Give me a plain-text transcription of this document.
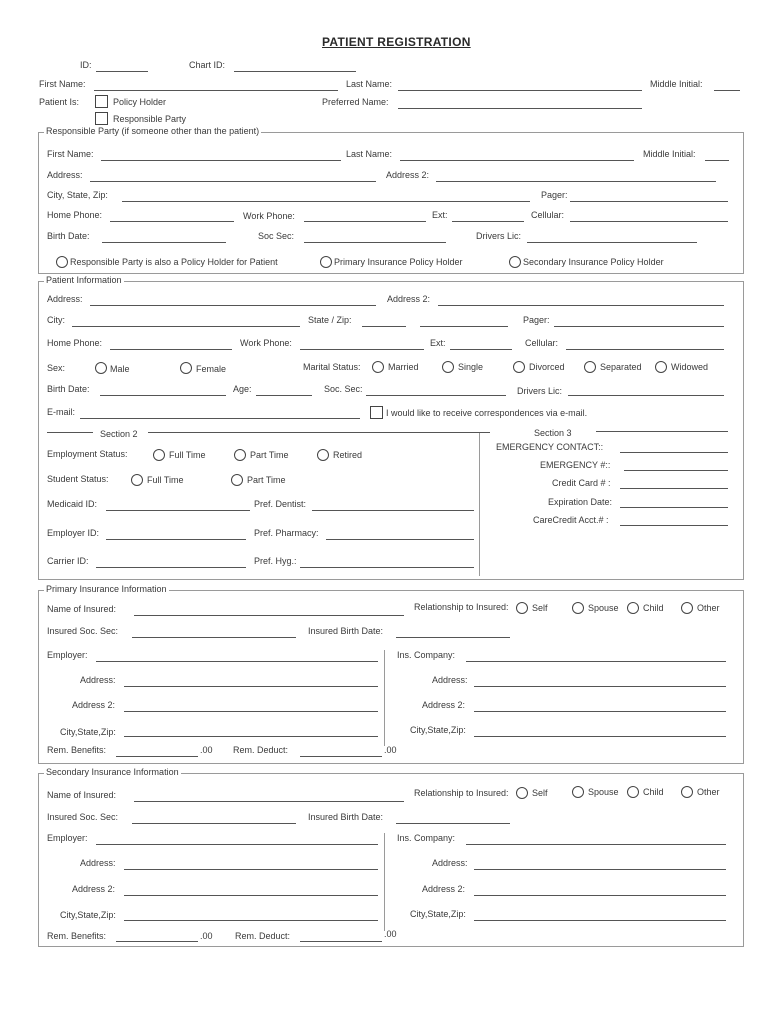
PATIENT REGISTRATION
ID:	Chart ID:
First Name:	Last Name:	Middle Initial:
Patient Is:	Policy Holder
Responsible Party
Preferred Name:
Responsible Party (if someone other than the patient)
First Name:	Last Name:	Middle Initial:
Address:	Address 2:
City, State, Zip:	Pager:
Home Phone:	Work Phone:	Ext:	Cellular:
Birth Date:	Soc Sec:	Drivers Lic:
Responsible Party is also a Policy Holder for Patient	Primary Insurance Policy Holder	Secondary Insurance Policy Holder
Patient Information
Address:	Address 2:
City:	State / Zip:	Pager:
Home Phone:	Work Phone:	Ext:	Cellular:
Sex:	Male	Female	Marital Status:	Married	Single	Divorced	Separated	Widowed
Birth Date:	Age:	Soc. Sec:	Drivers Lic:
E-mail:	I would like to receive correspondences via e-mail.
Section 2	Section 3
Employment Status:	Full Time	Part Time	Retired
Student Status:	Full Time	Part Time
Medicaid ID:	Pref. Dentist:
Employer ID:	Pref. Pharmacy:
Carrier ID:	Pref. Hyg.:
EMERGENCY CONTACT::
EMERGENCY #::
Credit Card # :
Expiration Date:
CareCredit Acct.# :
Primary Insurance Information
Name of Insured:	Relationship to Insured:	Self	Spouse	Child	Other
Insured Soc. Sec:	Insured Birth Date:
Employer:	Ins. Company:
Address:	Address:
Address 2:	Address 2:
City,State,Zip:	City,State,Zip:
Rem. Benefits:	.00 Rem. Deduct:	.00
Secondary Insurance Information
Name of Insured:	Relationship to Insured:	Self	Spouse	Child	Other
Insured Soc. Sec:	Insured Birth Date:
Employer:	Ins. Company:
Address:	Address:
Address 2:	Address 2:
City,State,Zip:	City,State,Zip:
Rem. Benefits:	.00 Rem. Deduct:	.00
